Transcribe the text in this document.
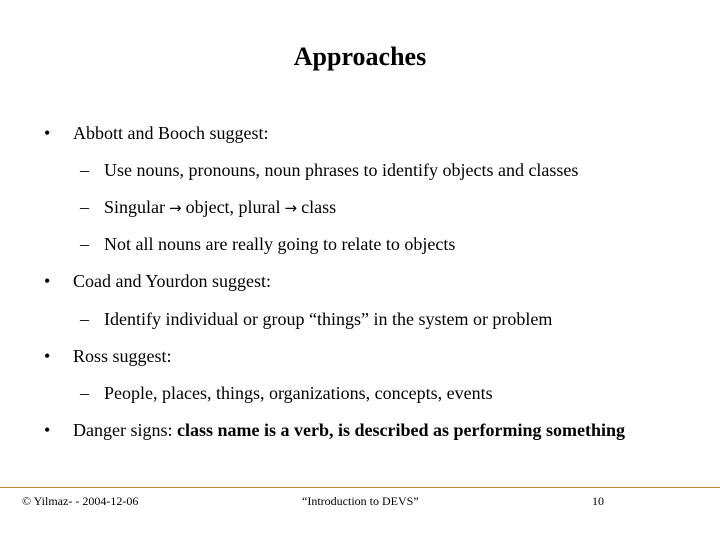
Approaches
• Abbott and Booch suggest:
– Use nouns, pronouns, noun phrases to identify objects and classes
– Singular → object, plural → class
– Not all nouns are really going to relate to objects
• Coad and Yourdon suggest:
– Identify individual or group “things” in the system or problem
• Ross suggest:
– People, places, things, organizations, concepts, events
• Danger signs: class name is a verb, is described as performing something
© Yilmaz- - 2004-12-06	“Introduction to DEVS”	10
